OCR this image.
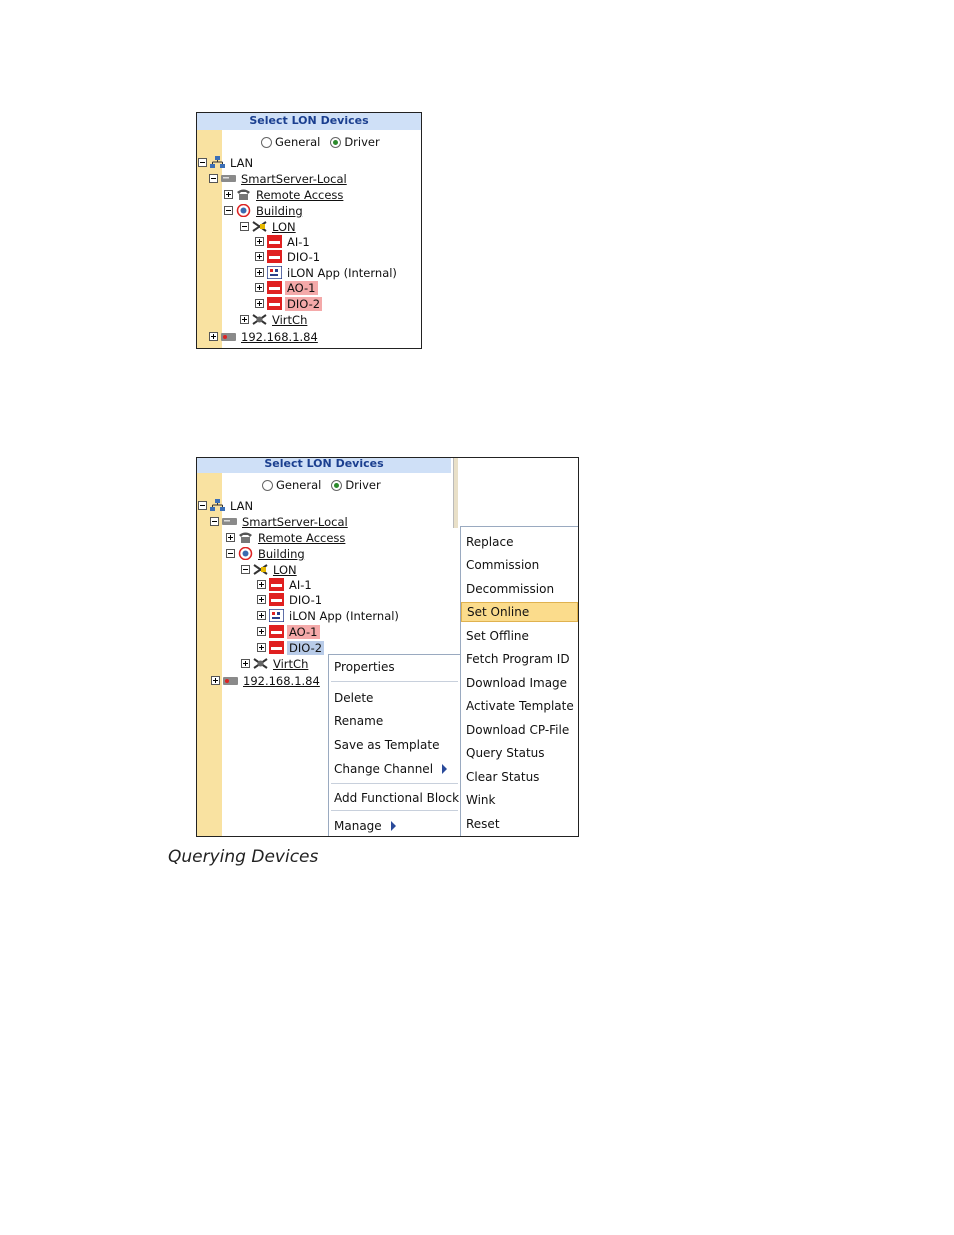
Select LON Devices
General Driver
LAN
SmartServer-Local
Remote Access
Building
LON
AI-1
DIO-1
iLON App (Internal)
AO-1
DIO-2
VirtCh
192.168.1.84
Select LON Devices
General Driver
LAN
SmartServer-Local
Remote Access
Building
LON
AI-1
DIO-1
iLON App (Internal)
AO-1
DIO-2
VirtCh
192.168.1.84
Properties
Delete
Rename
Save as Template
Change Channel
Add Functional Block
Manage
Replace
Commission
Decommission
Set Online
Set Offline
Fetch Program ID
Download Image
Activate Template
Download CP-File
Query Status
Clear Status
Wink
Reset
Querying Devices
